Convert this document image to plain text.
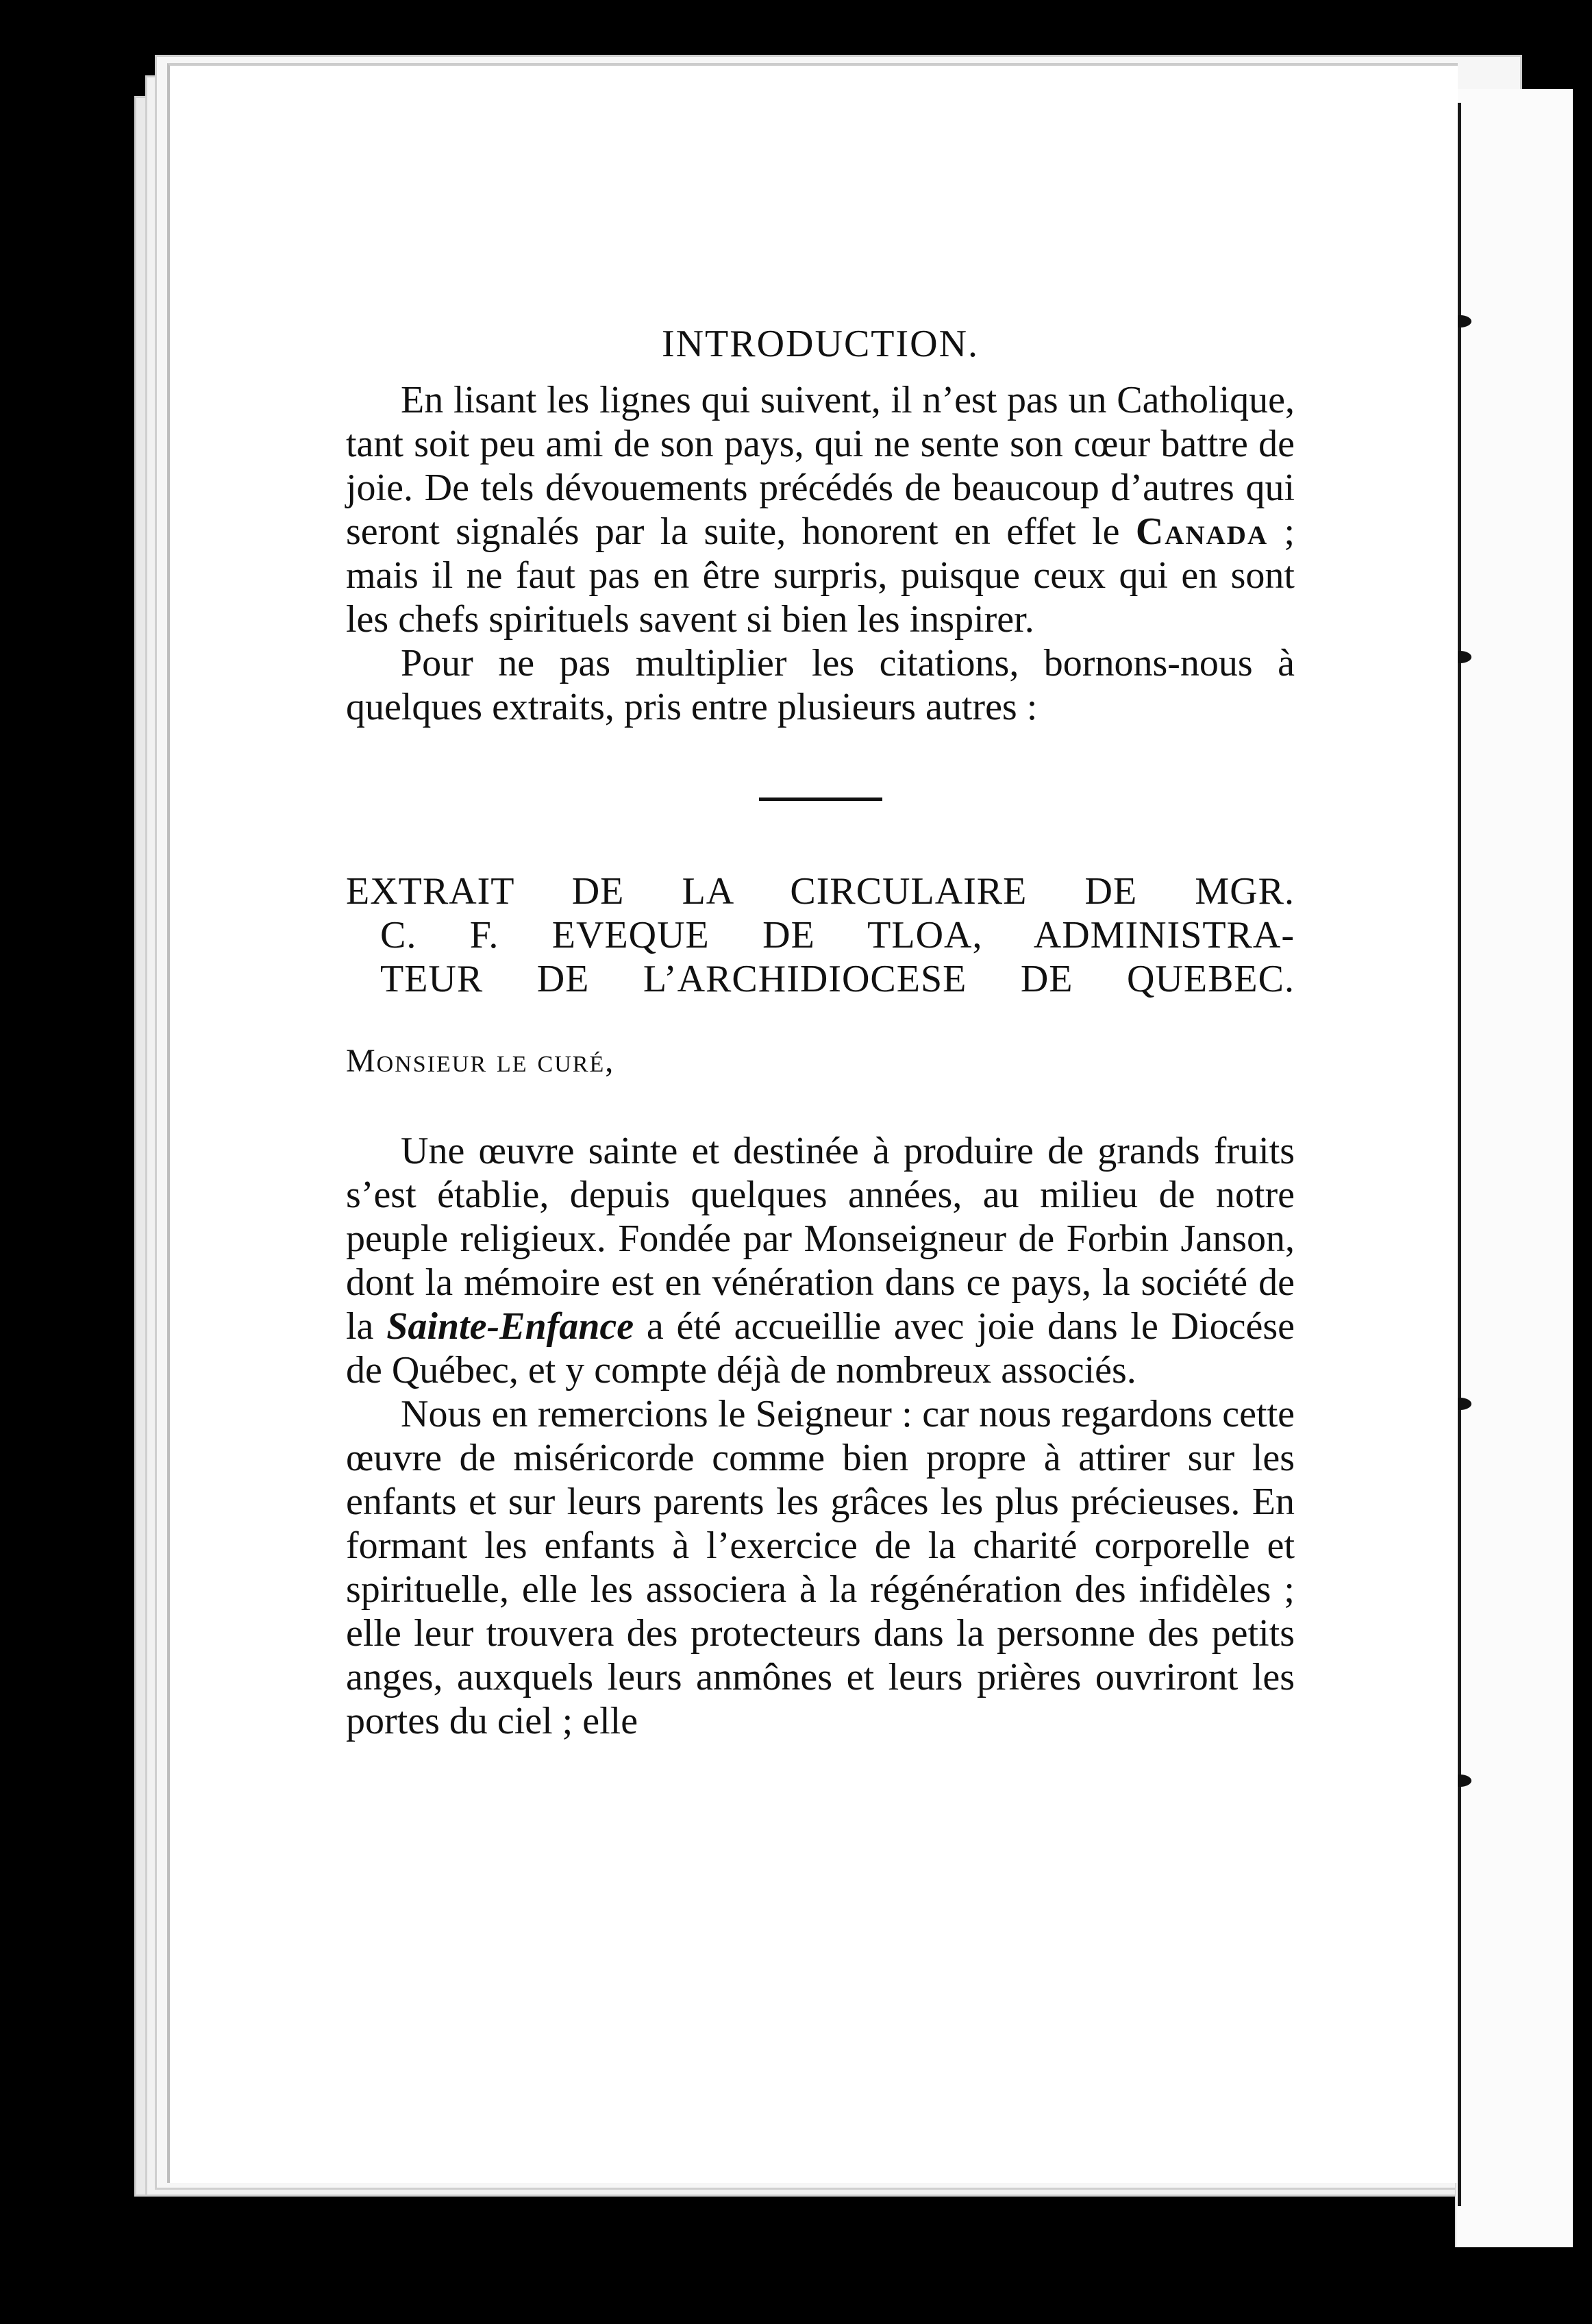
INTRODUCTION.

En lisant les lignes qui suivent, il n’est pas un Catholique, tant soit peu ami de son pays, qui ne sente son cœur battre de joie. De tels dévouements précédés de beaucoup d’autres qui seront signalés par la suite, honorent en effet le Canada ; mais il ne faut pas en être surpris, puisque ceux qui en sont les chefs spirituels savent si bien les inspirer.

Pour ne pas multiplier les citations, bornons-nous à quelques extraits, pris entre plusieurs autres :

EXTRAIT DE LA CIRCULAIRE DE MGR.
C. F. EVEQUE DE TLOA, ADMINISTRA-
TEUR DE L’ARCHIDIOCESE DE QUEBEC.
Monsieur le curé,

Une œuvre sainte et destinée à produire de grands fruits s’est établie, depuis quelques années, au milieu de notre peuple religieux. Fondée par Monseigneur de Forbin Janson, dont la mémoire est en vénération dans ce pays, la société de la Sainte-Enfance a été accueillie avec joie dans le Diocése de Québec, et y compte déjà de nombreux associés.

Nous en remercions le Seigneur : car nous regardons cette œuvre de miséricorde comme bien propre à attirer sur les enfants et sur leurs parents les grâces les plus précieuses. En formant les enfants à l’exercice de la charité corporelle et spirituelle, elle les associera à la régénération des infidèles ; elle leur trouvera des protecteurs dans la personne des petits anges, auxquels leurs anmônes et leurs prières ouvriront les portes du ciel ; elle
